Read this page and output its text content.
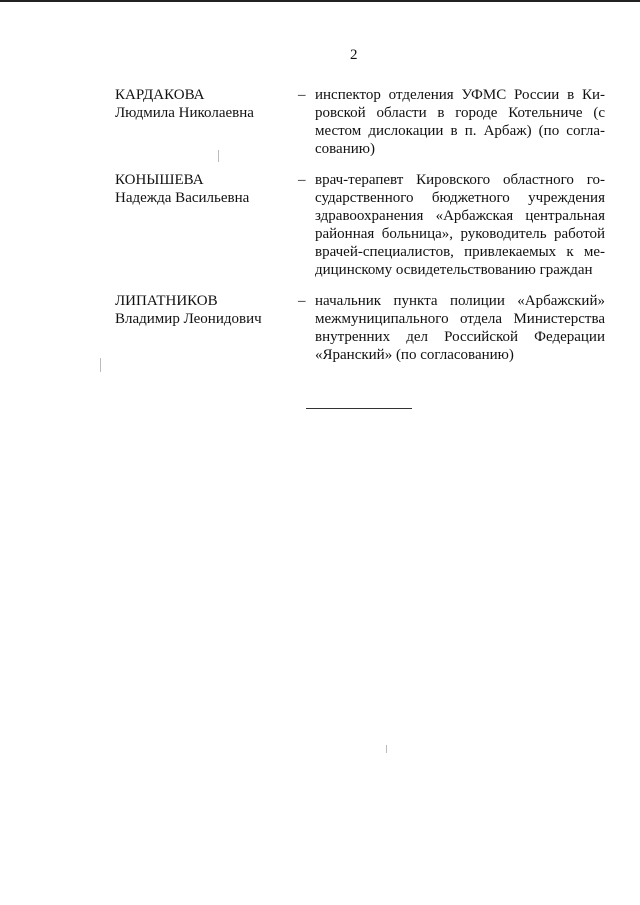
2
КАРДАКОВА
Людмила Николаевна
– инспектор отделения УФМС России в Ки-
ровской области в городе Котельниче (с
местом дислокации в п. Арбаж) (по согла-
сованию)
КОНЫШЕВА
Надежда Васильевна
– врач-терапевт Кировского областного го-
сударственного бюджетного учреждения
здравоохранения «Арбажская центральная
районная больница», руководитель работой
врачей-специалистов, привлекаемых к ме-
дицинскому освидетельствованию граждан
ЛИПАТНИКОВ
Владимир Леонидович
– начальник пункта полиции «Арбажский»
межмуниципального отдела Министерства
внутренних дел Российской Федерации
«Яранский» (по согласованию)
